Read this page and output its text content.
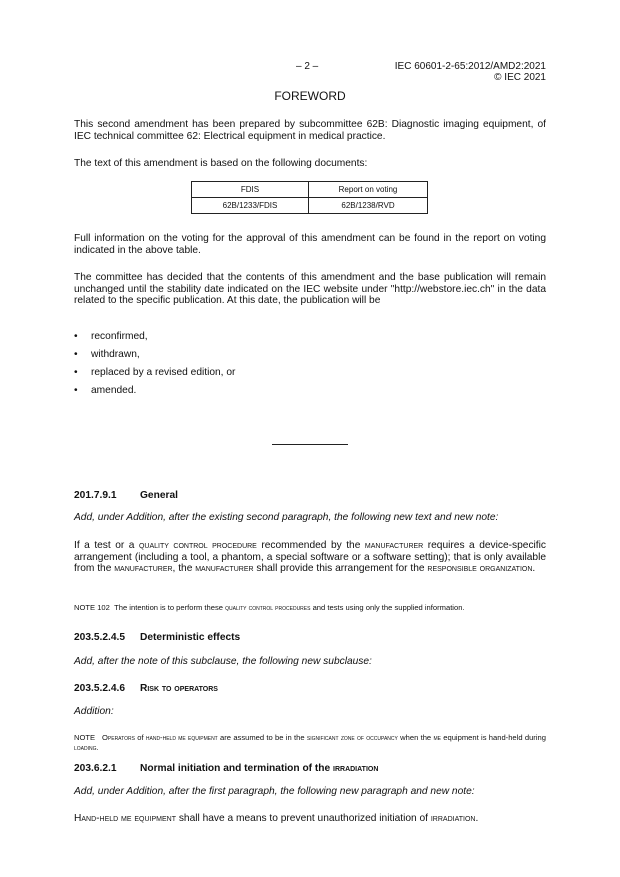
– 2 –	IEC 60601-2-65:2012/AMD2:2021
© IEC 2021
FOREWORD
This second amendment has been prepared by subcommittee 62B: Diagnostic imaging equipment, of IEC technical committee 62: Electrical equipment in medical practice.
The text of this amendment is based on the following documents:
FDIS	Report on voting
62B/1233/FDIS	62B/1238/RVD
Full information on the voting for the approval of this amendment can be found in the report on voting indicated in the above table.
The committee has decided that the contents of this amendment and the base publication will remain unchanged until the stability date indicated on the IEC website under "http://webstore.iec.ch" in the data related to the specific publication. At this date, the publication will be
• reconfirmed,
• withdrawn,
• replaced by a revised edition, or
• amended.
201.7.9.1 General
Add, under Addition, after the existing second paragraph, the following new text and new note:
If a test or a quality control procedure recommended by the manufacturer requires a device-specific arrangement (including a tool, a phantom, a special software or a software setting); that is only available from the manufacturer, the manufacturer shall provide this arrangement for the responsible organization.
NOTE 102 The intention is to perform these quality control procedures and tests using only the supplied information.
203.5.2.4.5 Deterministic effects
Add, after the note of this subclause, the following new subclause:
203.5.2.4.6 Risk to operators
Addition:
NOTE Operators of hand-held me equipment are assumed to be in the significant zone of occupancy when the me equipment is hand-held during loading.
203.6.2.1 Normal initiation and termination of the irradiation
Add, under Addition, after the first paragraph, the following new paragraph and new note:
Hand-held me equipment shall have a means to prevent unauthorized initiation of irradiation.
